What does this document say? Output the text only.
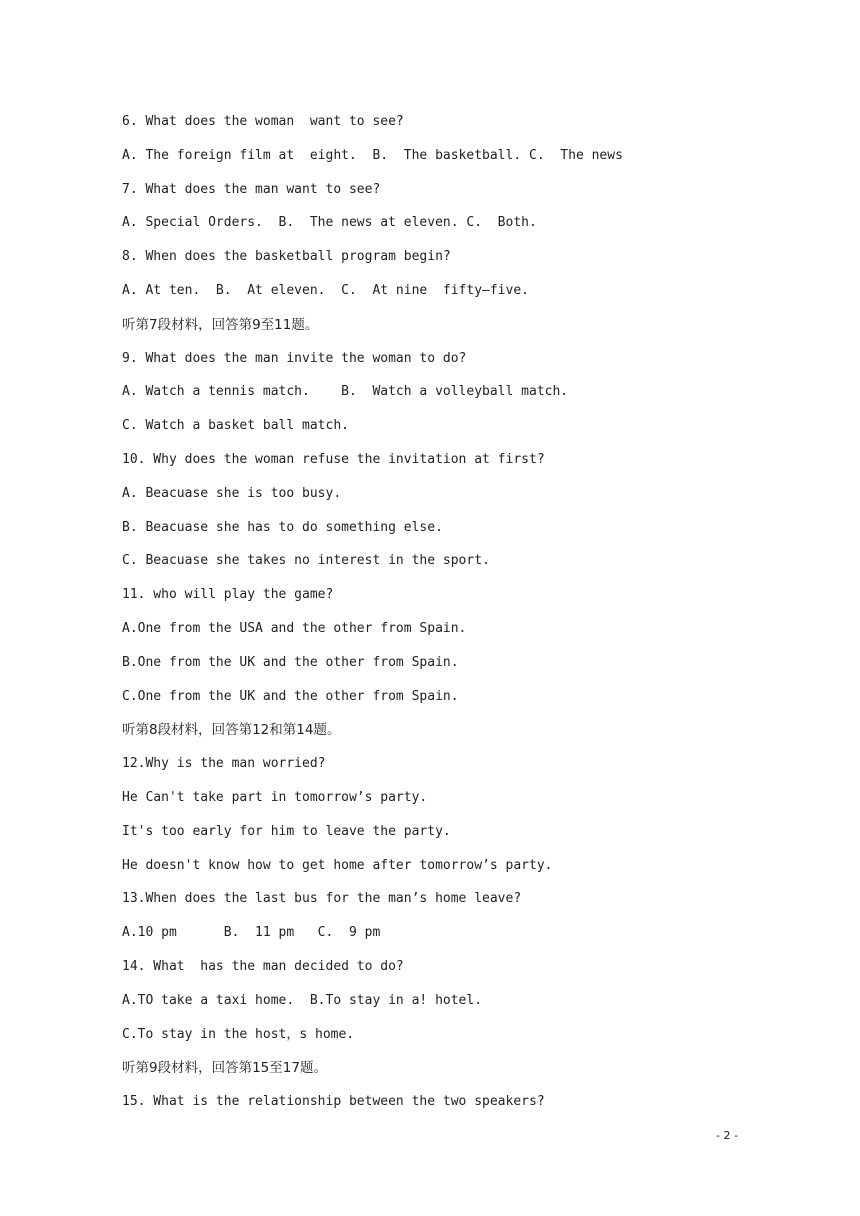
6. What does the woman  want to see?
A. The foreign film at  eight.  B.  The basketball. C.  The news
7. What does the man want to see?
A. Special Orders.  B.  The news at eleven. C.  Both.
8. When does the basketball program begin?
A. At ten.  B.  At eleven.  C.  At nine  fifty—five.
听第7段材料，回答第9至11题。
9. What does the man invite the woman to do?
A. Watch a tennis match.    B.  Watch a volleyball match.
C. Watch a basket ball match.
10. Why does the woman refuse the invitation at first?
A. Beacuase she is too busy.
B. Beacuase she has to do something else.
C. Beacuase she takes no interest in the sport.
11. who will play the game?
A.One from the USA and the other from Spain.
B.One from the UK and the other from Spain.
C.One from the UK and the other from Spain.
听第8段材料，回答第12和第14题。
12.Why is the man worried?
He Can't take part in tomorrow’s party.
It's too early for him to leave the party.
He doesn't know how to get home after tomorrow’s party.
13.When does the last bus for the man’s home leave?
A.10 pm      B.  11 pm   C.  9 pm
14. What  has the man decided to do?
A.TO take a taxi home.  B.To stay in a! hotel.
C.To stay in the host，s home.
听第9段材料，回答第15至17题。
15. What is the relationship between the two speakers?
- 2 -
